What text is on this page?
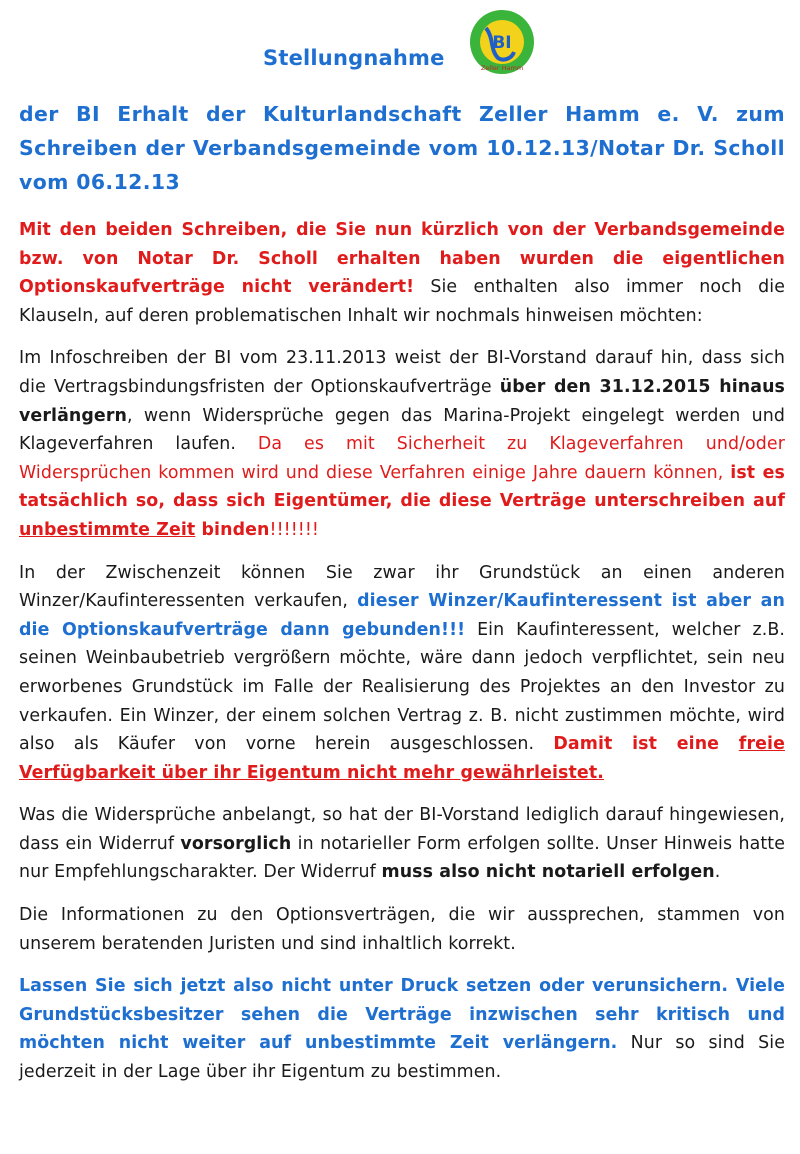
Stellungnahme
BI
Zeller Hamm

der BI Erhalt der Kulturlandschaft Zeller Hamm e. V. zum Schreiben der Verbandsgemeinde vom 10.12.13/Notar Dr. Scholl vom 06.12.13

Mit den beiden Schreiben, die Sie nun kürzlich von der Verbandsgemeinde bzw. von Notar Dr. Scholl erhalten haben wurden die eigentlichen Optionskaufverträge nicht verändert! Sie enthalten also immer noch die Klauseln, auf deren problematischen Inhalt wir nochmals hinweisen möchten:

Im Infoschreiben der BI vom 23.11.2013 weist der BI-Vorstand darauf hin, dass sich die Vertragsbindungsfristen der Optionskaufverträge über den 31.12.2015 hinaus verlängern, wenn Widersprüche gegen das Marina-Projekt eingelegt werden und Klageverfahren laufen. Da es mit Sicherheit zu Klageverfahren und/oder Widersprüchen kommen wird und diese Verfahren einige Jahre dauern können, ist es tatsächlich so, dass sich Eigentümer, die diese Verträge unterschreiben auf unbestimmte Zeit binden!!!!!!!

In der Zwischenzeit können Sie zwar ihr Grundstück an einen anderen Winzer/Kaufinteressenten verkaufen, dieser Winzer/Kaufinteressent ist aber an die Optionskaufverträge dann gebunden!!! Ein Kaufinteressent, welcher z.B. seinen Weinbaubetrieb vergrößern möchte, wäre dann jedoch verpflichtet, sein neu erworbenes Grundstück im Falle der Realisierung des Projektes an den Investor zu verkaufen. Ein Winzer, der einem solchen Vertrag z. B. nicht zustimmen möchte, wird also als Käufer von vorne herein ausgeschlossen. Damit ist eine freie Verfügbarkeit über ihr Eigentum nicht mehr gewährleistet.

Was die Widersprüche anbelangt, so hat der BI-Vorstand lediglich darauf hingewiesen, dass ein Widerruf vorsorglich in notarieller Form erfolgen sollte. Unser Hinweis hatte nur Empfehlungscharakter. Der Widerruf muss also nicht notariell erfolgen.

Die Informationen zu den Optionsverträgen, die wir aussprechen, stammen von unserem beratenden Juristen und sind inhaltlich korrekt.

Lassen Sie sich jetzt also nicht unter Druck setzen oder verunsichern. Viele Grundstücksbesitzer sehen die Verträge inzwischen sehr kritisch und möchten nicht weiter auf unbestimmte Zeit verlängern. Nur so sind Sie jederzeit in der Lage über ihr Eigentum zu bestimmen.
